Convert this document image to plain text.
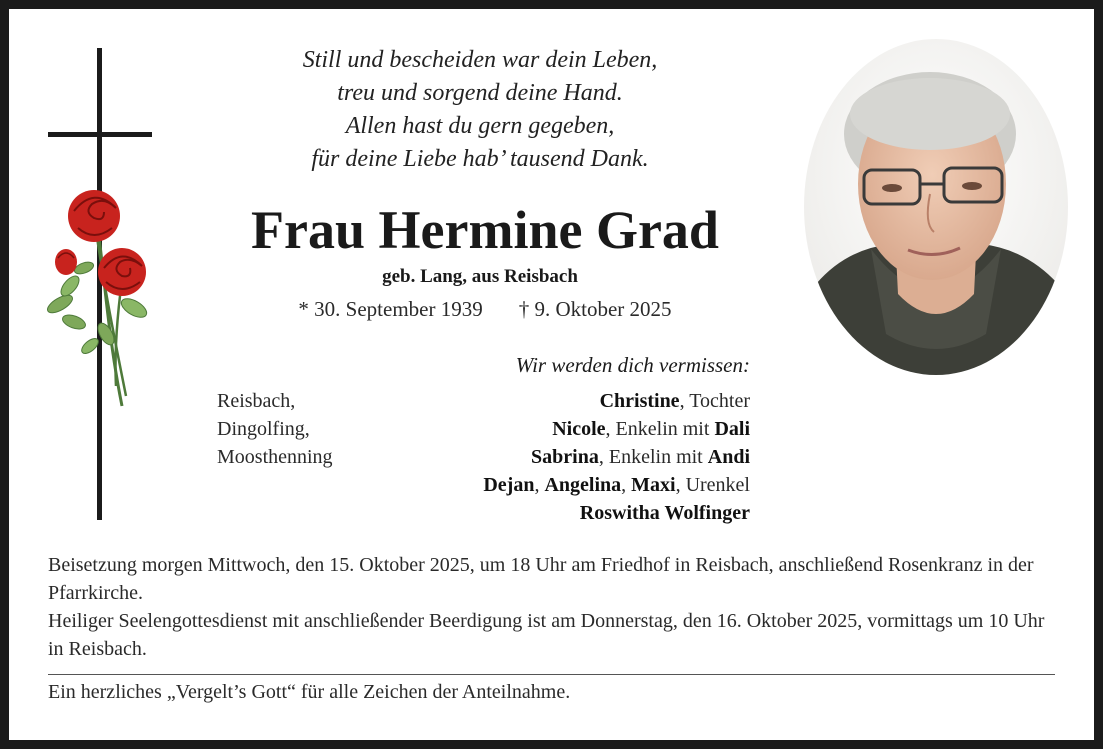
Still und bescheiden war dein Leben,
treu und sorgend deine Hand.
Allen hast du gern gegeben,
für deine Liebe hab’ tausend Dank.
Frau Hermine Grad
geb. Lang, aus Reisbach
* 30. September 1939 † 9. Oktober 2025
Wir werden dich vermissen:
Reisbach,
Dingolfing,
Moosthenning
Christine, Tochter
Nicole, Enkelin mit Dali
Sabrina, Enkelin mit Andi
Dejan, Angelina, Maxi, Urenkel
Roswitha Wolfinger

Beisetzung morgen Mittwoch, den 15. Oktober 2025, um 18 Uhr am Friedhof in Reisbach, anschließend Rosenkranz in der Pfarrkirche.

Heiliger Seelengottesdienst mit anschließender Beerdigung ist am Donnerstag, den 16. Oktober 2025, vormittags um 10 Uhr in Reisbach.

Ein herzliches „Vergelt’s Gott“ für alle Zeichen der Anteilnahme.
